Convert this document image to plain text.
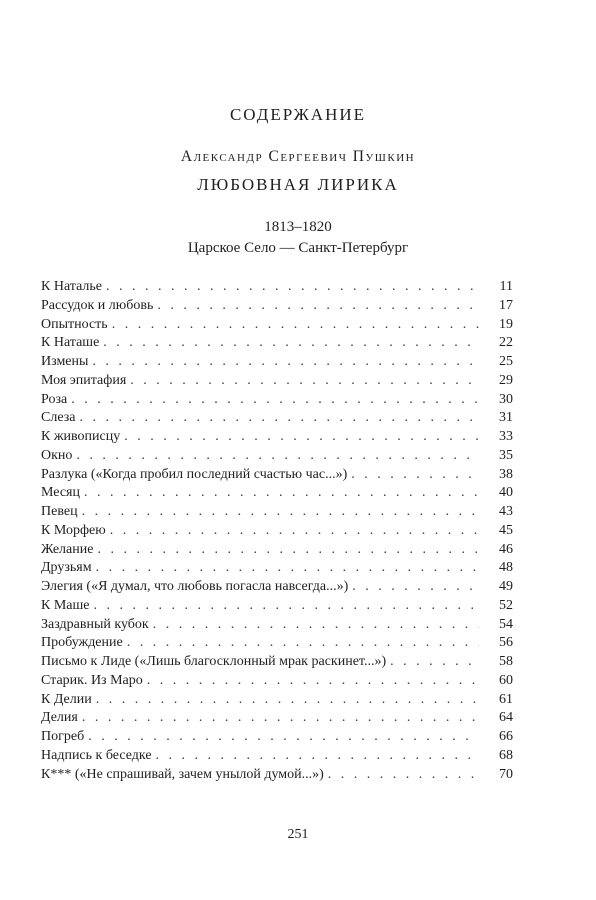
СОДЕРЖАНИЕ
Александр Сергеевич Пушкин
ЛЮБОВНАЯ ЛИРИКА
1813–1820
Царское Село — Санкт-Петербург
К Наталье . . .	11
Рассудок и любовь . . .	17
Опытность . . .	19
К Наташе . . .	22
Измены . . .	25
Моя эпитафия . . .	29
Роза . . .	30
Слеза . . .	31
К живописцу . . .	33
Окно . . .	35
Разлука («Когда пробил последний счастью час...») . . .	38
Месяц . . .	40
Певец . . .	43
К Морфею . . .	45
Желание . . .	46
Друзьям . . .	48
Элегия («Я думал, что любовь погасла навсегда...») . . .	49
К Маше . . .	52
Заздравный кубок . . .	54
Пробуждение . . .	56
Письмо к Лиде («Лишь благосклонный мрак раскинет...») . . .	58
Старик. Из Маро . . .	60
К Делии . . .	61
Делия . . .	64
Погреб . . .	66
Надпись к беседке . . .	68
К*** («Не спрашивай, зачем унылой думой...») . . .	70
251
